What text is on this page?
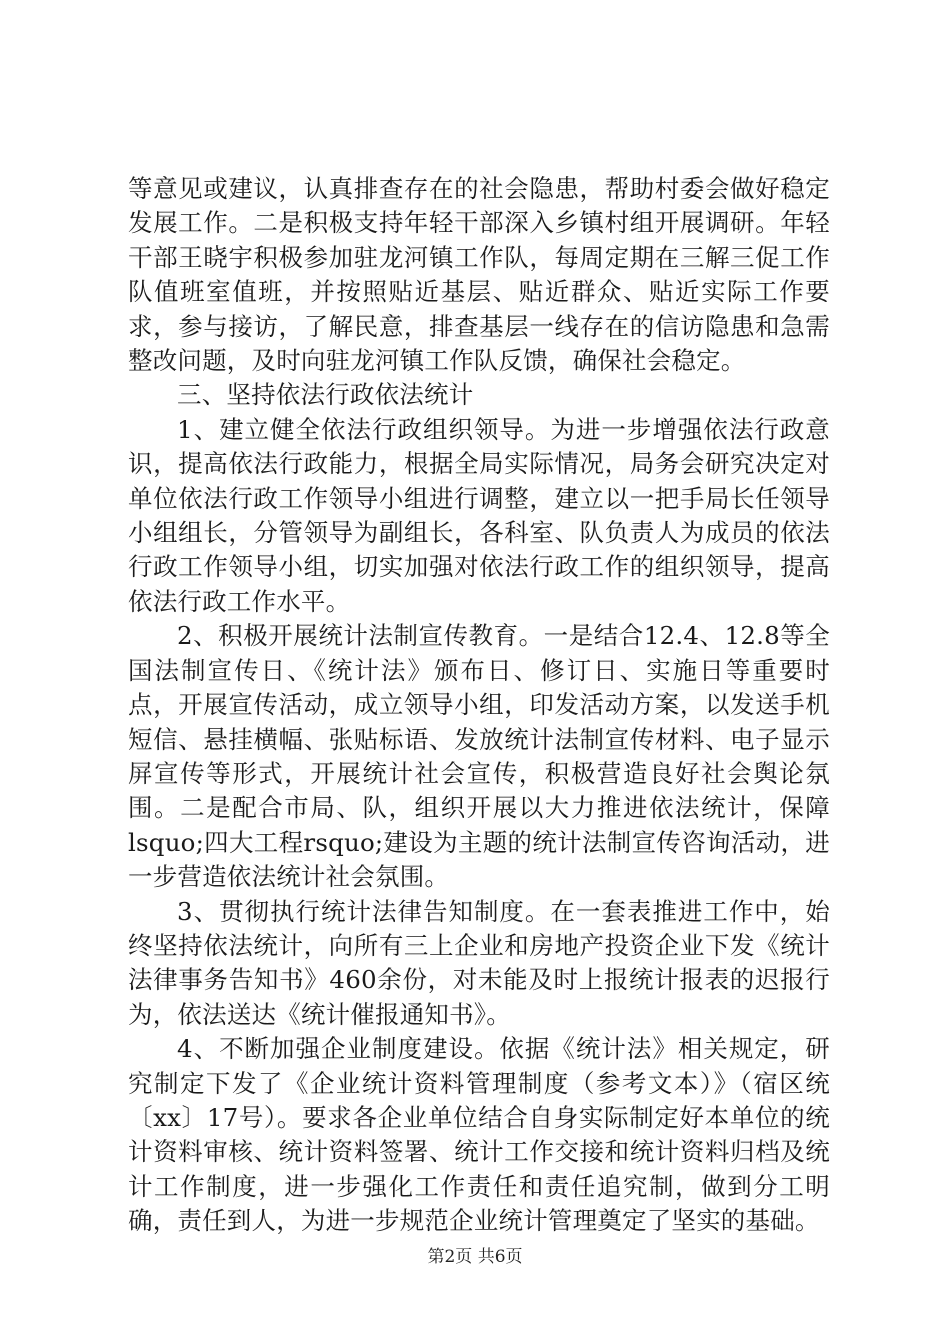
等意见或建议，认真排查存在的社会隐患，帮助村委会做好稳定发展工作。二是积极支持年轻干部深入乡镇村组开展调研。年轻干部王晓宇积极参加驻龙河镇工作队，每周定期在三解三促工作队值班室值班，并按照贴近基层、贴近群众、贴近实际工作要求，参与接访，了解民意，排查基层一线存在的信访隐患和急需整改问题，及时向驻龙河镇工作队反馈，确保社会稳定。

三、坚持依法行政依法统计

1、建立健全依法行政组织领导。为进一步增强依法行政意识，提高依法行政能力，根据全局实际情况，局务会研究决定对单位依法行政工作领导小组进行调整，建立以一把手局长任领导小组组长，分管领导为副组长，各科室、队负责人为成员的依法行政工作领导小组，切实加强对依法行政工作的组织领导，提高依法行政工作水平。

2、积极开展统计法制宣传教育。一是结合12.4、12.8等全国法制宣传日、《统计法》颁布日、修订日、实施日等重要时点，开展宣传活动，成立领导小组，印发活动方案，以发送手机短信、悬挂横幅、张贴标语、发放统计法制宣传材料、电子显示屏宣传等形式，开展统计社会宣传，积极营造良好社会舆论氛围。二是配合市局、队，组织开展以大力推进依法统计，保障lsquo;四大工程rsquo;建设为主题的统计法制宣传咨询活动，进一步营造依法统计社会氛围。

3、贯彻执行统计法律告知制度。在一套表推进工作中，始终坚持依法统计，向所有三上企业和房地产投资企业下发《统计法律事务告知书》460余份，对未能及时上报统计报表的迟报行为，依法送达《统计催报通知书》。

4、不断加强企业制度建设。依据《统计法》相关规定，研究制定下发了《企业统计资料管理制度（参考文本）》（宿区统〔xx〕17号）。要求各企业单位结合自身实际制定好本单位的统计资料审核、统计资料签署、统计工作交接和统计资料归档及统计工作制度，进一步强化工作责任和责任追究制，做到分工明确，责任到人，为进一步规范企业统计管理奠定了坚实的基础。

第2页 共6页
